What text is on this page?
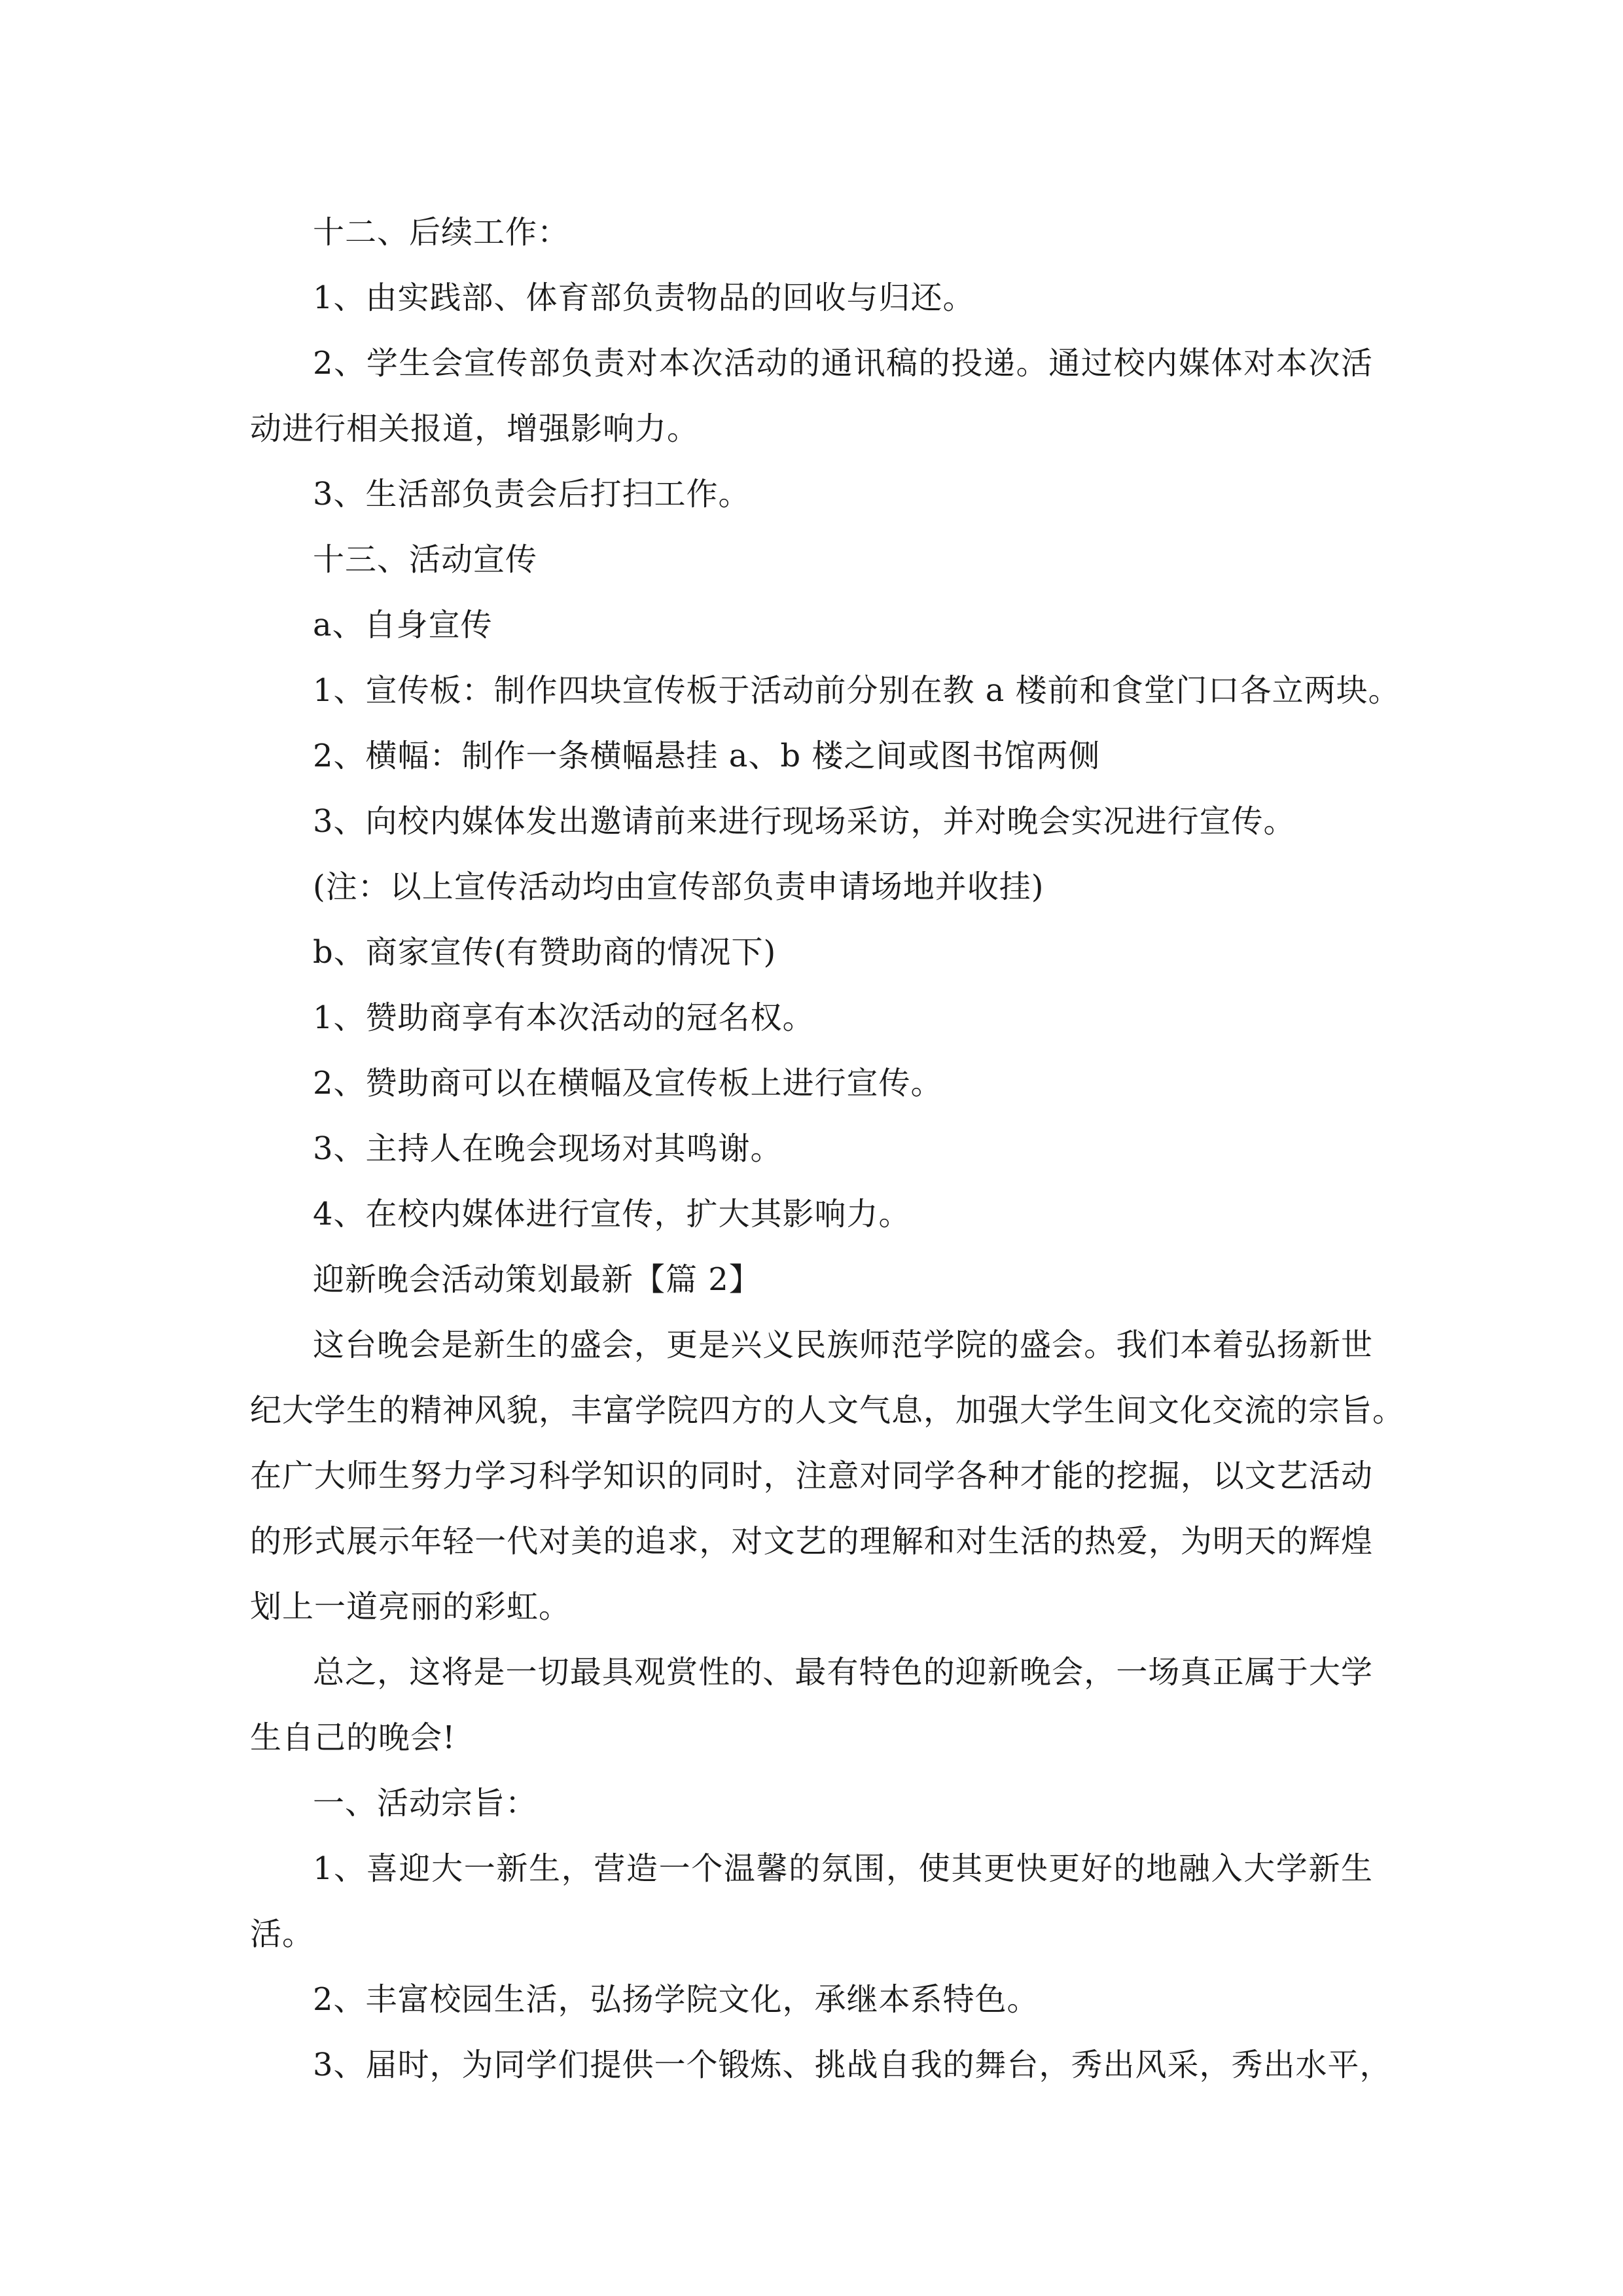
十二、后续工作：
1、由实践部、体育部负责物品的回收与归还。
2、学生会宣传部负责对本次活动的通讯稿的投递。通过校内媒体对本次活
动进行相关报道，增强影响力。
3、生活部负责会后打扫工作。
十三、活动宣传
a、自身宣传
1、宣传板：制作四块宣传板于活动前分别在教 a 楼前和食堂门口各立两块。
2、横幅：制作一条横幅悬挂 a、b 楼之间或图书馆两侧
3、向校内媒体发出邀请前来进行现场采访，并对晚会实况进行宣传。
(注：以上宣传活动均由宣传部负责申请场地并收挂)
b、商家宣传(有赞助商的情况下)
1、赞助商享有本次活动的冠名权。
2、赞助商可以在横幅及宣传板上进行宣传。
3、主持人在晚会现场对其鸣谢。
4、在校内媒体进行宣传，扩大其影响力。
迎新晚会活动策划最新【篇 2】
这台晚会是新生的盛会，更是兴义民族师范学院的盛会。我们本着弘扬新世
纪大学生的精神风貌，丰富学院四方的人文气息，加强大学生间文化交流的宗旨。
在广大师生努力学习科学知识的同时，注意对同学各种才能的挖掘，以文艺活动
的形式展示年轻一代对美的追求，对文艺的理解和对生活的热爱，为明天的辉煌
划上一道亮丽的彩虹。
总之，这将是一切最具观赏性的、最有特色的迎新晚会，一场真正属于大学
生自己的晚会!
一、活动宗旨：
1、喜迎大一新生，营造一个温馨的氛围，使其更快更好的地融入大学新生
活。
2、丰富校园生活，弘扬学院文化，承继本系特色。
3、届时，为同学们提供一个锻炼、挑战自我的舞台，秀出风采，秀出水平，
